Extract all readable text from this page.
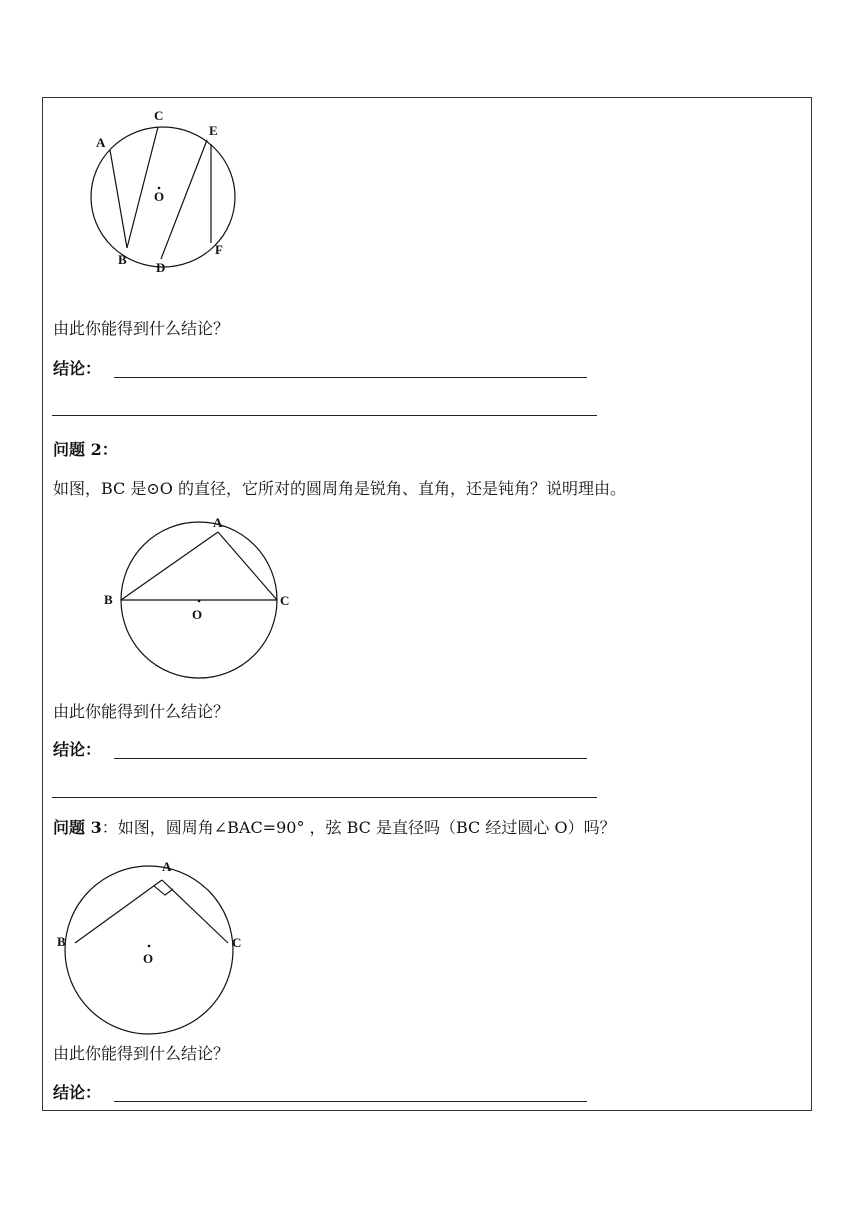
A
C
E
O
B
D
F
由此你能得到什么结论？
结论：
问题 2：
如图，BC 是⊙O 的直径，它所对的圆周角是锐角、直角，还是钝角？说明理由。
A
B	C
O
由此你能得到什么结论？
结论：
问题 3：如图，圆周角∠BAC=90° ，弦 BC 是直径吗（BC 经过圆心 O）吗？
A
B	C
O
由此你能得到什么结论？
结论：
